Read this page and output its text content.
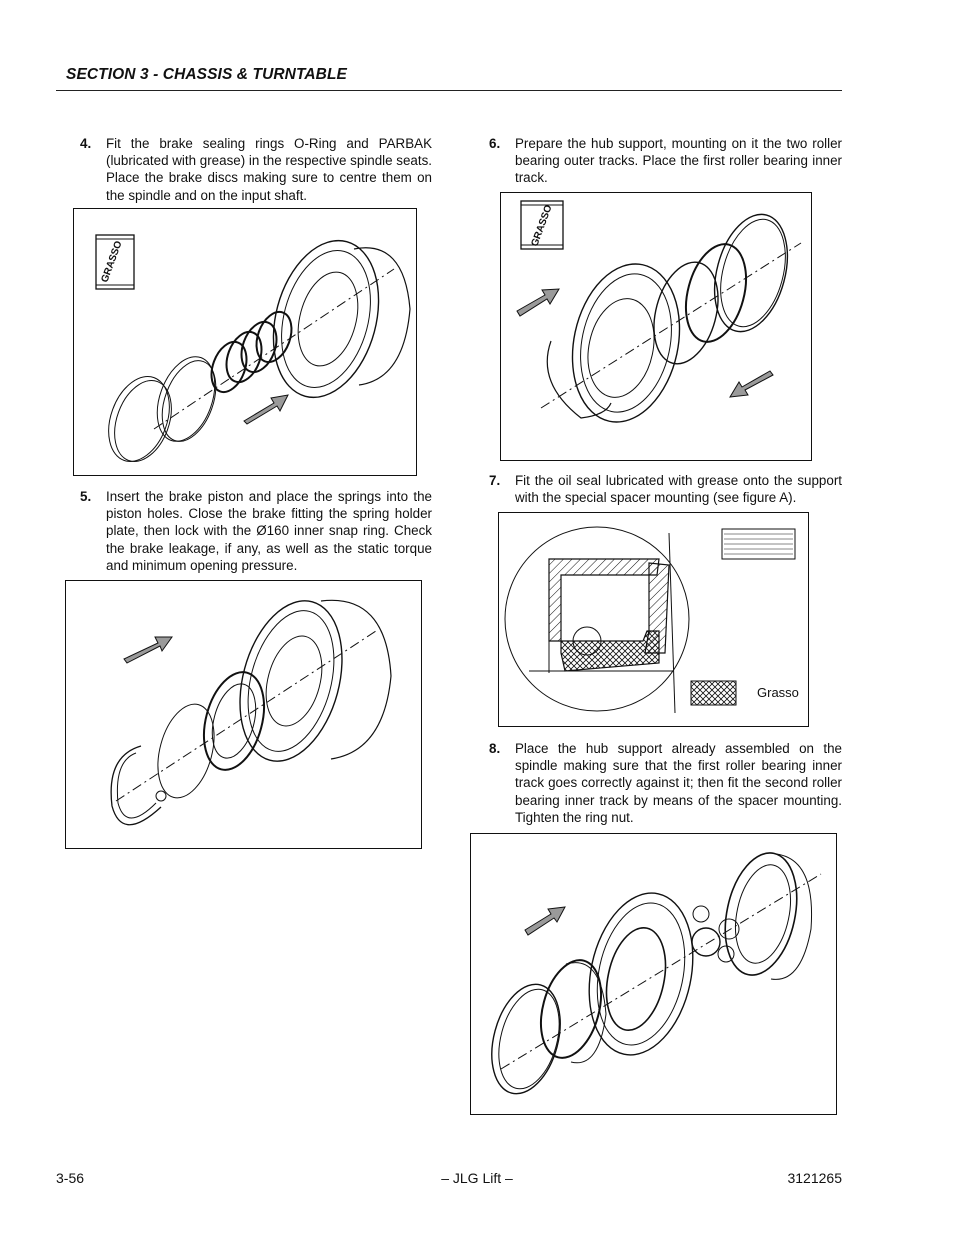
SECTION 3 - CHASSIS & TURNTABLE
4. Fit the brake sealing rings O-Ring and PARBAK (lubricated with grease) in the respective spindle seats. Place the brake discs making sure to centre them on the spindle and on the input shaft.
GRASSO
5. Insert the brake piston and place the springs into the piston holes. Close the brake fitting the spring holder plate, then lock with the Ø160 inner snap ring. Check the brake leakage, if any, as well as the static torque and minimum opening pressure.
6. Prepare the hub support, mounting on it the two roller bearing outer tracks. Place the first roller bearing inner track.
GRASSO
7. Fit the oil seal lubricated with grease onto the support with the special spacer mounting (see figure A).
Grasso
8. Place the hub support already assembled on the spindle making sure that the first roller bearing inner track goes correctly against it; then fit the second roller bearing inner track by means of the spacer mounting. Tighten the ring nut.
3-56	– JLG Lift –	3121265
